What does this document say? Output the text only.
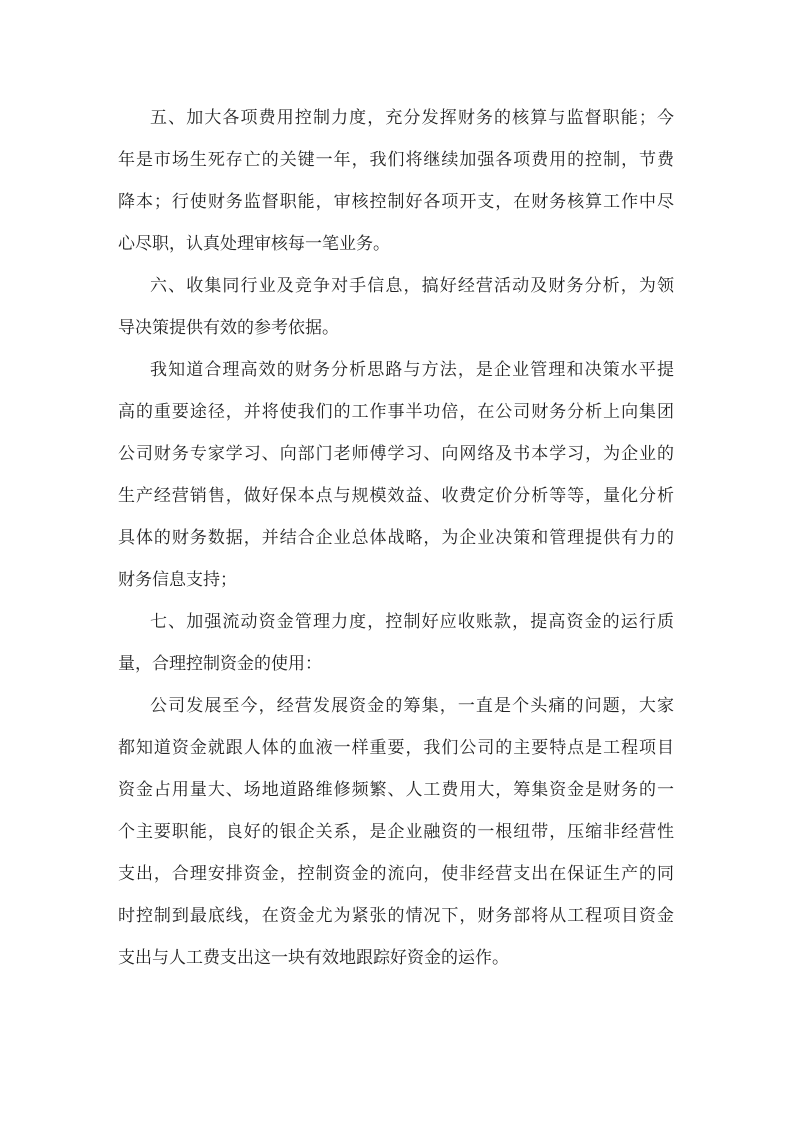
五、加大各项费用控制力度，充分发挥财务的核算与监督职能；今
年是市场生死存亡的关键一年，我们将继续加强各项费用的控制，节费
降本；行使财务监督职能，审核控制好各项开支，在财务核算工作中尽
心尽职，认真处理审核每一笔业务。
六、收集同行业及竞争对手信息，搞好经营活动及财务分析，为领
导决策提供有效的参考依据。
我知道合理高效的财务分析思路与方法，是企业管理和决策水平提
高的重要途径，并将使我们的工作事半功倍，在公司财务分析上向集团
公司财务专家学习、向部门老师傅学习、向网络及书本学习，为企业的
生产经营销售，做好保本点与规模效益、收费定价分析等等，量化分析
具体的财务数据，并结合企业总体战略，为企业决策和管理提供有力的
财务信息支持；
七、加强流动资金管理力度，控制好应收账款，提高资金的运行质
量，合理控制资金的使用：
公司发展至今，经营发展资金的筹集，一直是个头痛的问题，大家
都知道资金就跟人体的血液一样重要，我们公司的主要特点是工程项目
资金占用量大、场地道路维修频繁、人工费用大，筹集资金是财务的一
个主要职能，良好的银企关系，是企业融资的一根纽带，压缩非经营性
支出，合理安排资金，控制资金的流向，使非经营支出在保证生产的同
时控制到最底线，在资金尤为紧张的情况下，财务部将从工程项目资金
支出与人工费支出这一块有效地跟踪好资金的运作。
